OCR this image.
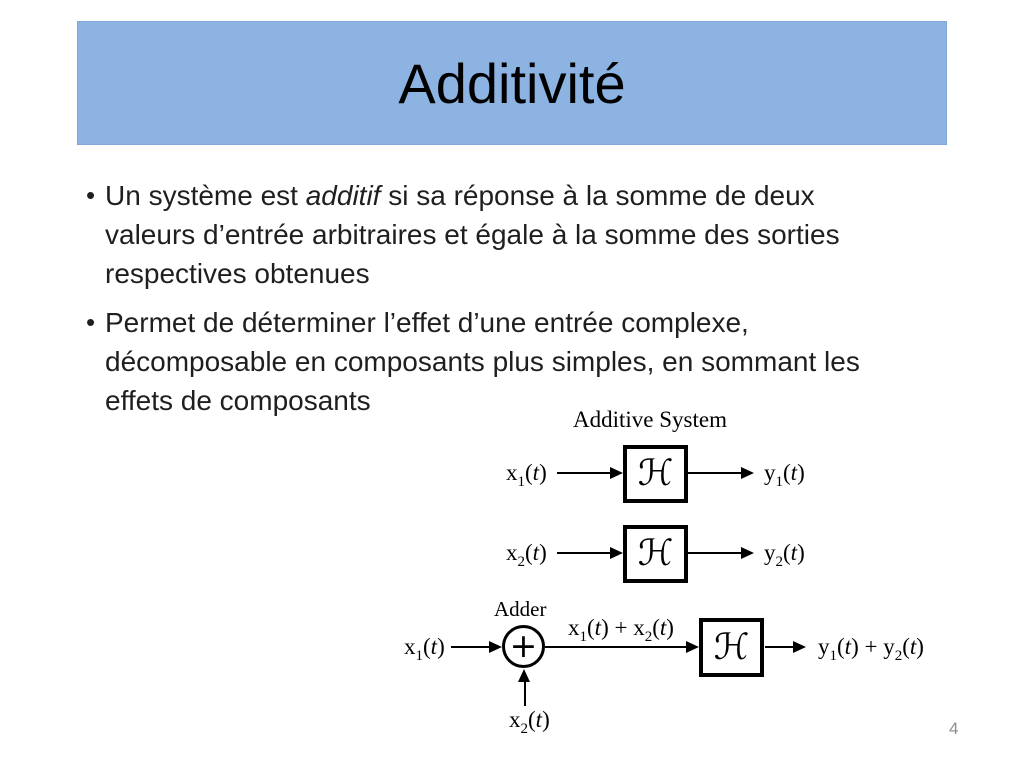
Additivité
• Un système est additif si sa réponse à la somme de deux
valeurs d’entrée arbitraires et égale à la somme des sorties
respectives obtenues
• Permet de déterminer l’effet d’une entrée complexe,
décomposable en composants plus simples, en sommant les
effets de composants
Additive System
$x_1(t)$	ℋ	$y_1(t)$
$x_2(t)$	ℋ	$y_2(t)$
Adder
$x_1(t) + x_1(t) + x_2(t)$ ℋ	$y_1(t) + y_2(t)$
$x_2(t)$	4
